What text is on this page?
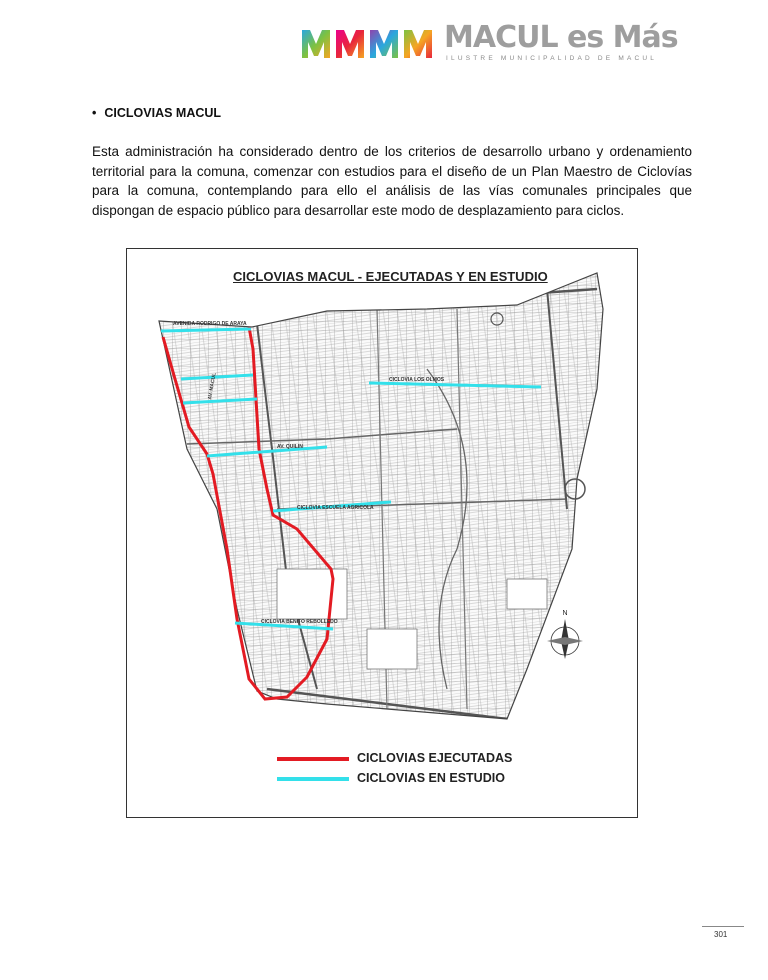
MACUL es Más
ILUSTRE MUNICIPALIDAD DE MACUL
• CICLOVIAS MACUL
Esta administración ha considerado dentro de los criterios de desarrollo urbano y ordenamiento territorial para la comuna, comenzar con estudios para el diseño de un Plan Maestro de Ciclovías para la comuna, contemplando para ello el análisis de las vías comunales principales que dispongan de espacio público para desarrollar este modo de desplazamiento para ciclos.
N
CICLOVIAS MACUL - EJECUTADAS Y EN ESTUDIO
AVENIDA RODRIGO DE ARAYA
CICLOVIA LOS OLMOS
CICLOVIA ESCUELA AGRICOLA
CICLOVIA BENITO REBOLLEDO
AV. QUILIN
AV. MACUL
CICLOVIAS EJECUTADAS
CICLOVIAS EN ESTUDIO
301
